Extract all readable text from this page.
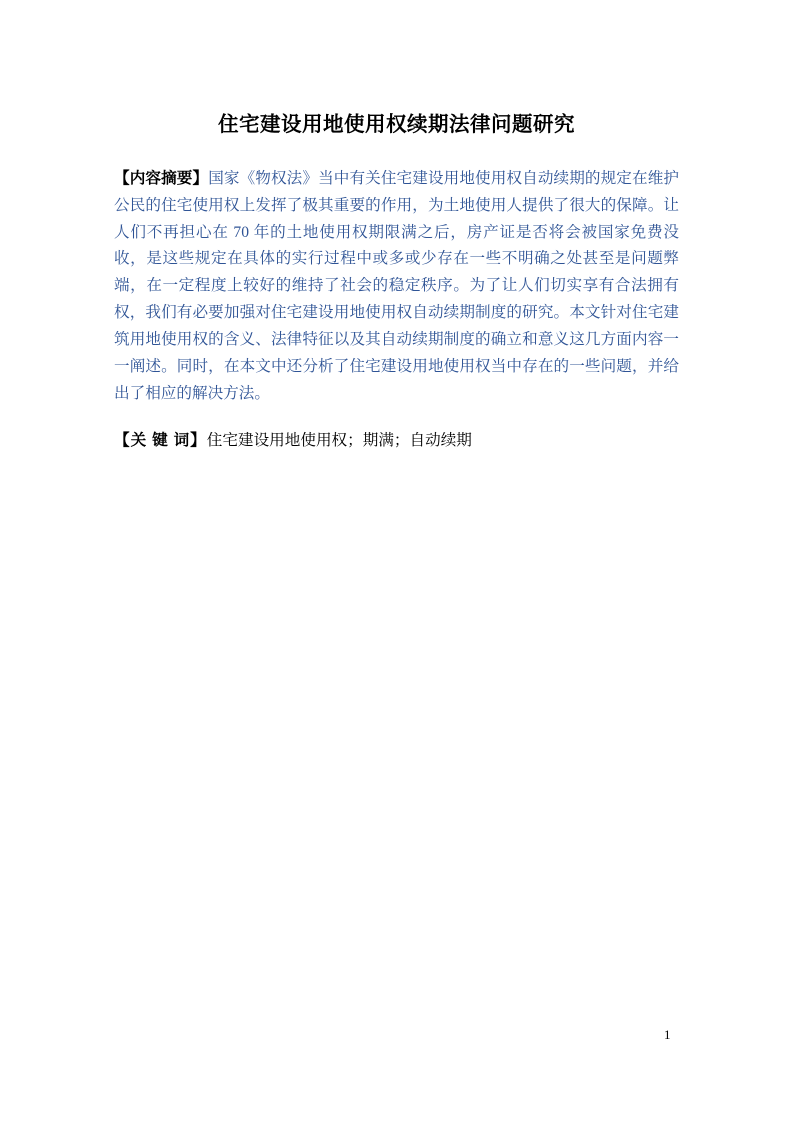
住宅建设用地使用权续期法律问题研究
【内容摘要】国家《物权法》当中有关住宅建设用地使用权自动续期的规定在维护公民的住宅使用权上发挥了极其重要的作用，为土地使用人提供了很大的保障。让人们不再担心在 70 年的土地使用权期限满之后，房产证是否将会被国家免费没收，是这些规定在具体的实行过程中或多或少存在一些不明确之处甚至是问题弊端，在一定程度上较好的维持了社会的稳定秩序。为了让人们切实享有合法拥有权，我们有必要加强对住宅建设用地使用权自动续期制度的研究。本文针对住宅建筑用地使用权的含义、法律特征以及其自动续期制度的确立和意义这几方面内容一一阐述。同时，在本文中还分析了住宅建设用地使用权当中存在的一些问题，并给出了相应的解决方法。
【关 键 词】住宅建设用地使用权；期满；自动续期
1
